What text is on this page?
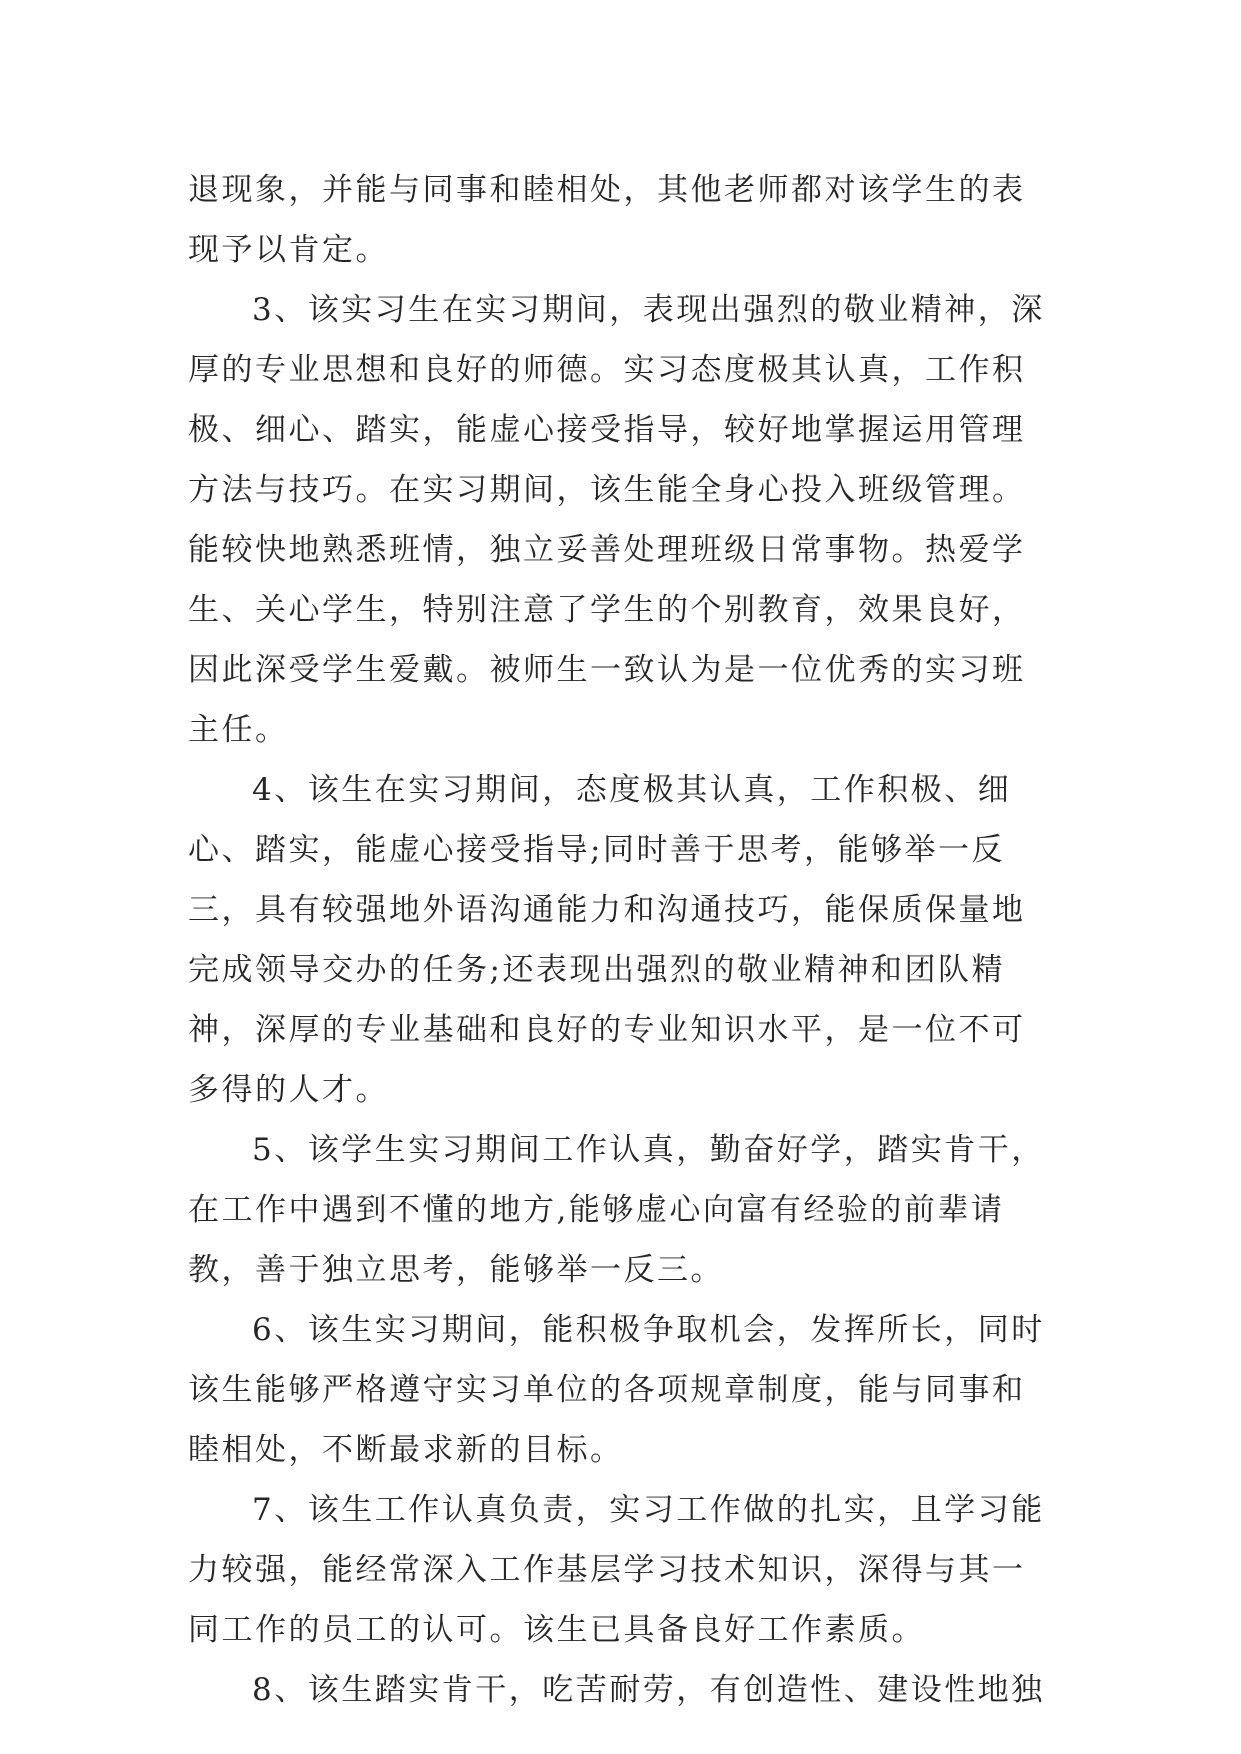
退现象，并能与同事和睦相处，其他老师都对该学生的表现予以肯定。

3、该实习生在实习期间，表现出强烈的敬业精神，深厚的专业思想和良好的师德。实习态度极其认真，工作积极、细心、踏实，能虚心接受指导，较好地掌握运用管理方法与技巧。在实习期间，该生能全身心投入班级管理。能较快地熟悉班情，独立妥善处理班级日常事物。热爱学生、关心学生，特别注意了学生的个别教育，效果良好，因此深受学生爱戴。被师生一致认为是一位优秀的实习班主任。

4、该生在实习期间，态度极其认真，工作积极、细心、踏实，能虚心接受指导;同时善于思考，能够举一反三，具有较强地外语沟通能力和沟通技巧，能保质保量地完成领导交办的任务;还表现出强烈的敬业精神和团队精神，深厚的专业基础和良好的专业知识水平，是一位不可多得的人才。

5、该学生实习期间工作认真，勤奋好学，踏实肯干，在工作中遇到不懂的地方,能够虚心向富有经验的前辈请教，善于独立思考，能够举一反三。

6、该生实习期间，能积极争取机会，发挥所长，同时该生能够严格遵守实习单位的各项规章制度，能与同事和睦相处，不断最求新的目标。

7、该生工作认真负责，实习工作做的扎实，且学习能力较强，能经常深入工作基层学习技术知识，深得与其一同工作的员工的认可。该生已具备良好工作素质。

8、该生踏实肯干，吃苦耐劳，有创造性、建设性地独
